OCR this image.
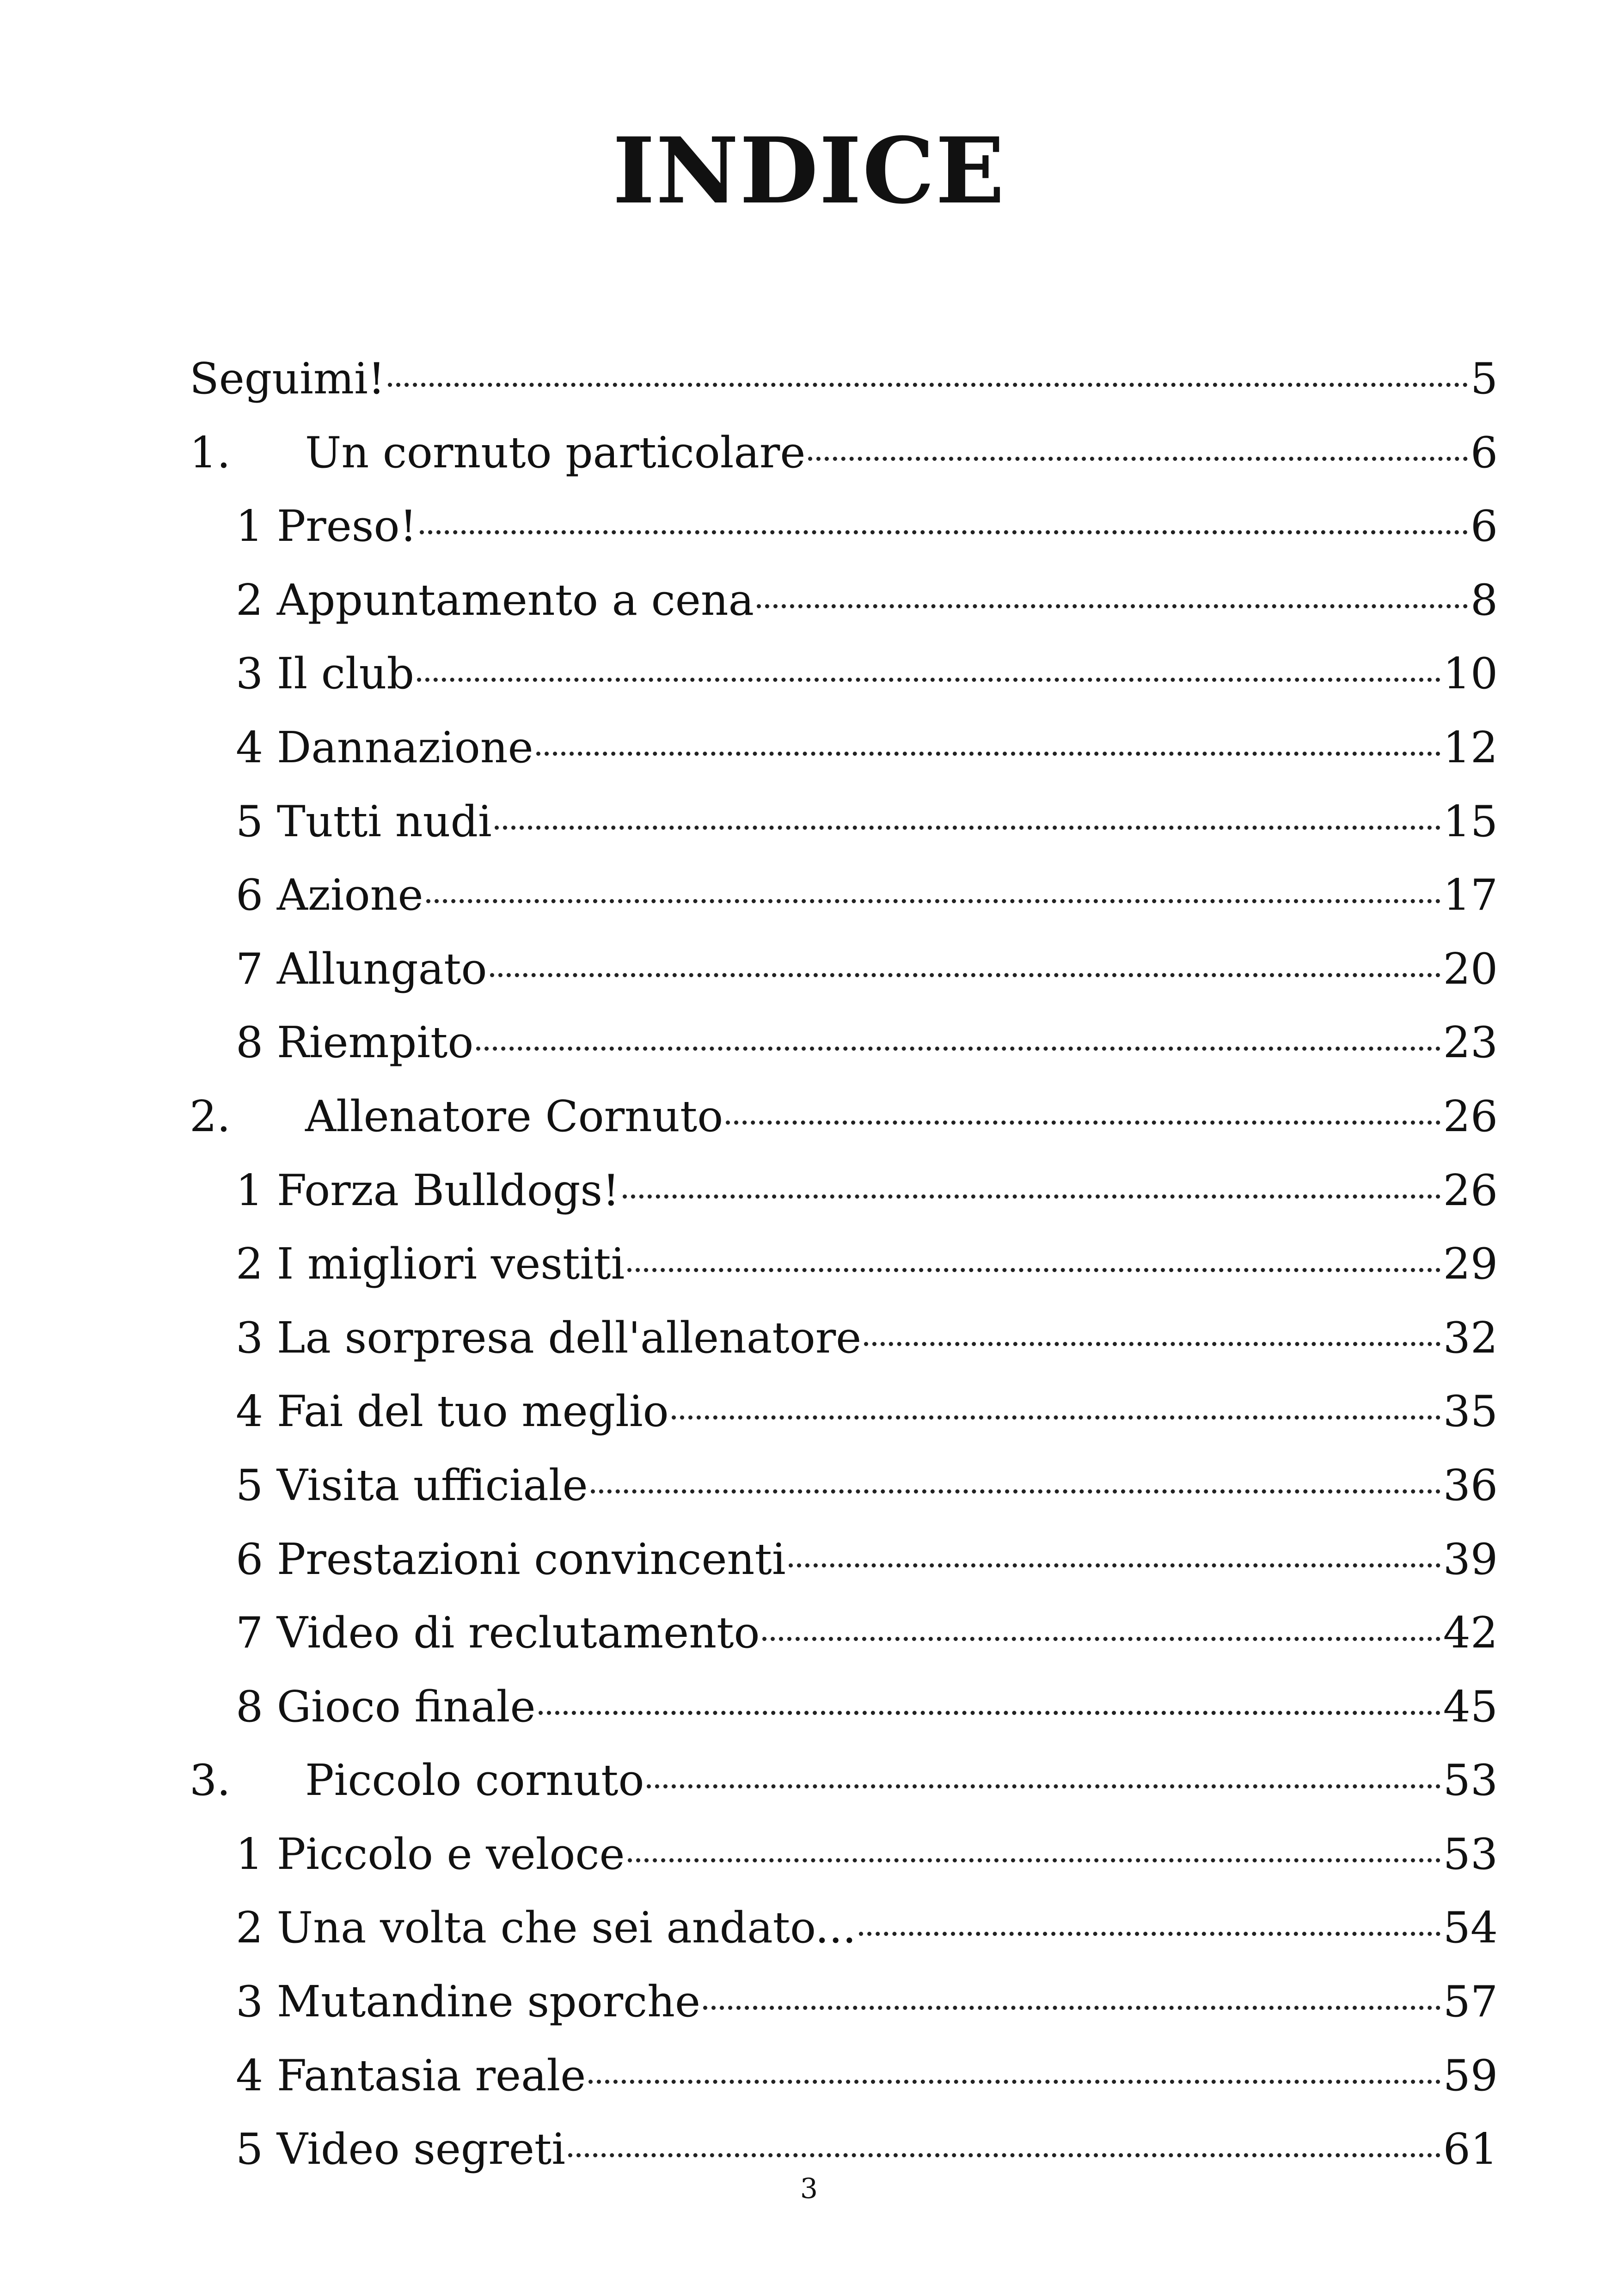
INDICE
Seguimi!	5
1.	Un cornuto particolare	6
1 Preso!	6
2 Appuntamento a cena	8
3 Il club	10
4 Dannazione	12
5 Tutti nudi	15
6 Azione	17
7 Allungato	20
8 Riempito	23
2.	Allenatore Cornuto	26
1 Forza Bulldogs!	26
2 I migliori vestiti	29
3 La sorpresa dell'allenatore	32
4 Fai del tuo meglio	35
5 Visita ufficiale	36
6 Prestazioni convincenti	39
7 Video di reclutamento	42
8 Gioco finale	45
3.	Piccolo cornuto	53
1 Piccolo e veloce	53
2 Una volta che sei andato...	54
3 Mutandine sporche	57
4 Fantasia reale	59
5 Video segreti	61
3
